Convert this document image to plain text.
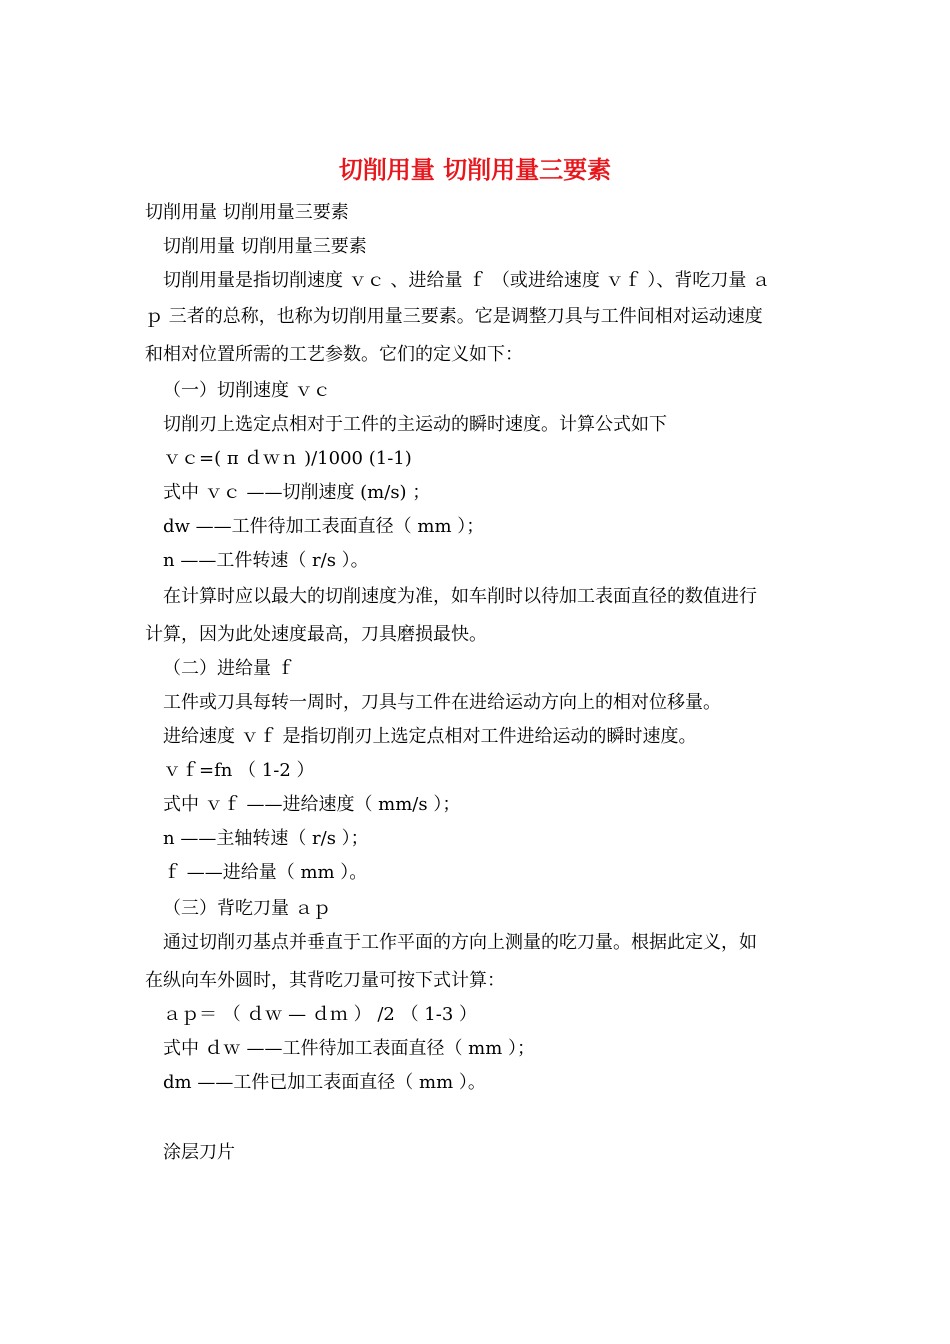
切削用量 切削用量三要素
切削用量 切削用量三要素
切削用量 切削用量三要素
切削用量是指切削速度 ｖｃ 、进给量 ｆ （或进给速度 ｖｆ ）、背吃刀量 ａ
ｐ 三者的总称，也称为切削用量三要素。它是调整刀具与工件间相对运动速度
和相对位置所需的工艺参数。它们的定义如下：
（一）切削速度 ｖｃ
切削刃上选定点相对于工件的主运动的瞬时速度。计算公式如下
ｖｃ=( π ｄｗｎ )/1000 (1-1)
式中 ｖｃ ——切削速度 (m/s) ；
dw ——工件待加工表面直径（ mm ）；
n ——工件转速（ r/s ）。
在计算时应以最大的切削速度为准，如车削时以待加工表面直径的数值进行
计算，因为此处速度最高，刀具磨损最快。
（二）进给量 ｆ
工件或刀具每转一周时，刀具与工件在进给运动方向上的相对位移量。
进给速度 ｖｆ 是指切削刃上选定点相对工件进给运动的瞬时速度。
ｖｆ=fn （ 1-2 ）
式中 ｖｆ ——进给速度（ mm/s ）；
n ——主轴转速（ r/s ）；
ｆ ——进给量（ mm ）。
（三）背吃刀量 ａｐ
通过切削刃基点并垂直于工作平面的方向上测量的吃刀量。根据此定义，如
在纵向车外圆时，其背吃刀量可按下式计算：
ａｐ＝ （ ｄｗ — ｄｍ ） /2 （ 1-3 ）
式中 ｄｗ ——工件待加工表面直径（ mm ）；
dm ——工件已加工表面直径（ mm ）。
涂层刀片
